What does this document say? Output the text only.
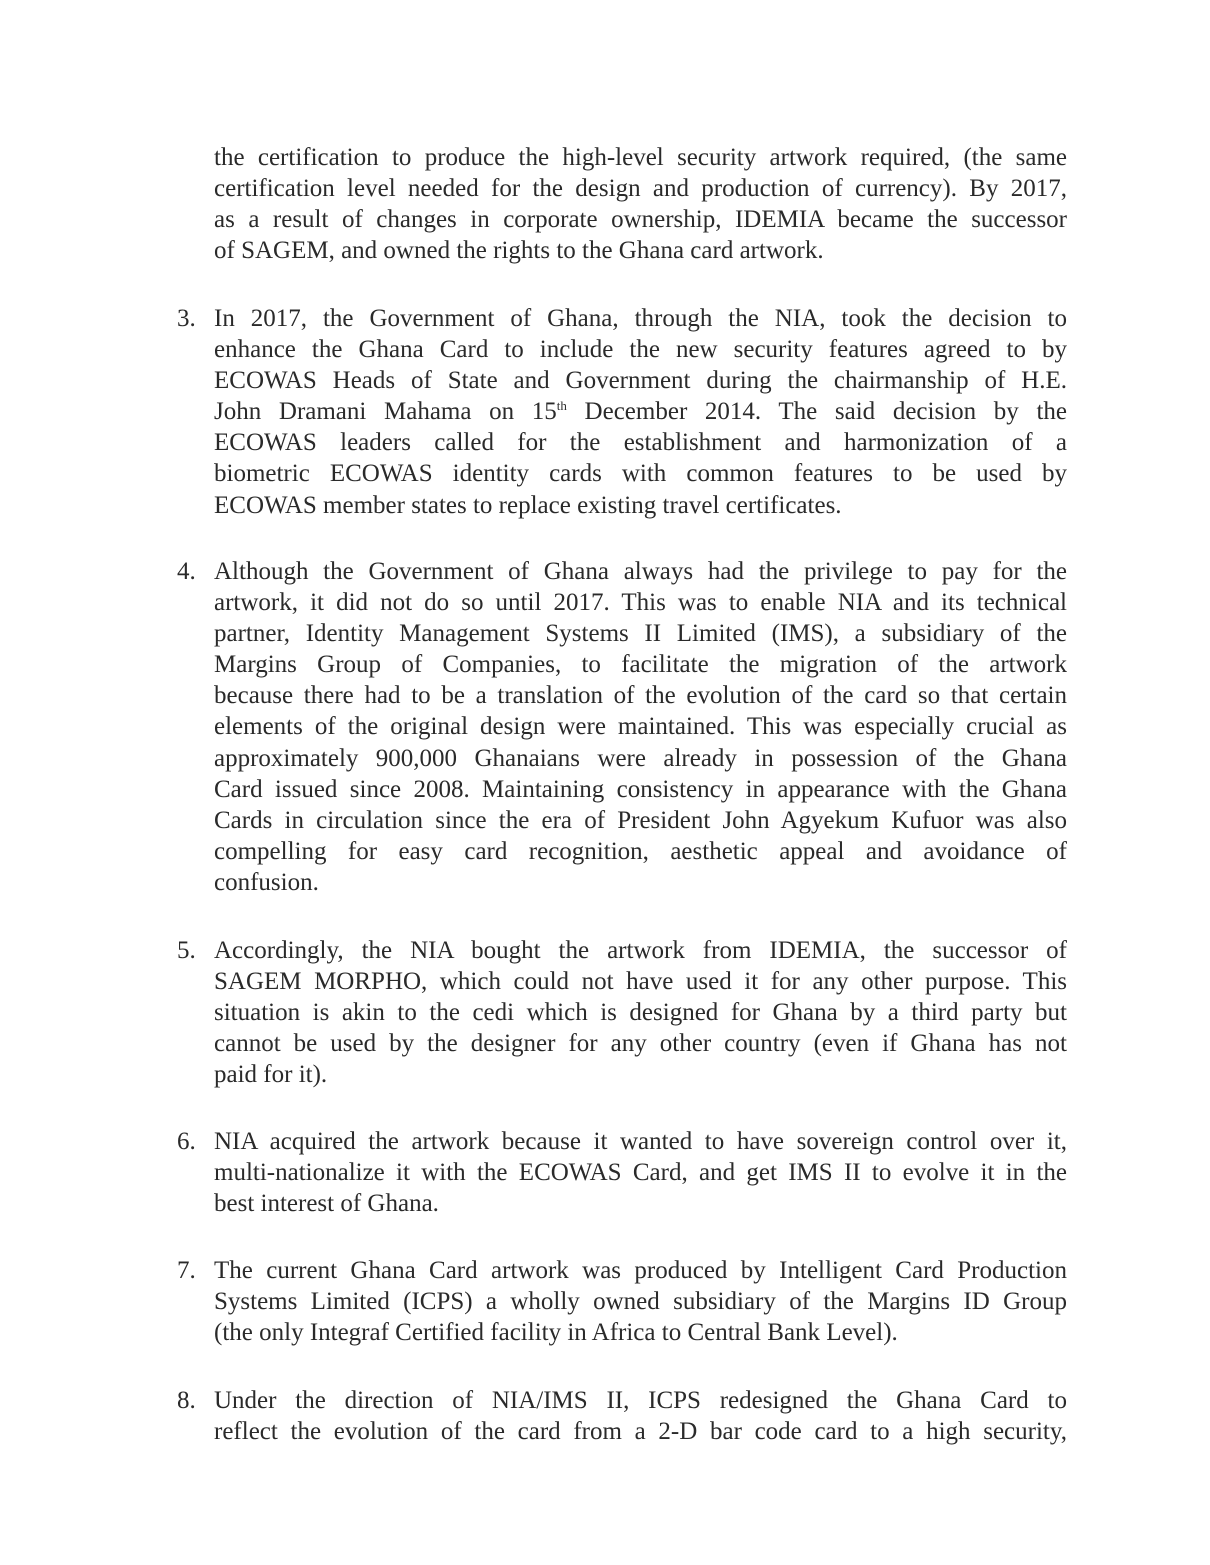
the certification to produce the high-level security artwork required, (the same
certification level needed for the design and production of currency). By 2017,
as a result of changes in corporate ownership, IDEMIA became the successor
of SAGEM, and owned the rights to the Ghana card artwork.
3. In 2017, the Government of Ghana, through the NIA, took the decision to
enhance the Ghana Card to include the new security features agreed to by
ECOWAS Heads of State and Government during the chairmanship of H.E.
John Dramani Mahama on 15th December 2014. The said decision by the
ECOWAS leaders called for the establishment and harmonization of a
biometric ECOWAS identity cards with common features to be used by
ECOWAS member states to replace existing travel certificates.
4. Although the Government of Ghana always had the privilege to pay for the
artwork, it did not do so until 2017. This was to enable NIA and its technical
partner, Identity Management Systems II Limited (IMS), a subsidiary of the
Margins Group of Companies, to facilitate the migration of the artwork
because there had to be a translation of the evolution of the card so that certain
elements of the original design were maintained. This was especially crucial as
approximately 900,000 Ghanaians were already in possession of the Ghana
Card issued since 2008. Maintaining consistency in appearance with the Ghana
Cards in circulation since the era of President John Agyekum Kufuor was also
compelling for easy card recognition, aesthetic appeal and avoidance of
confusion.
5. Accordingly, the NIA bought the artwork from IDEMIA, the successor of
SAGEM MORPHO, which could not have used it for any other purpose. This
situation is akin to the cedi which is designed for Ghana by a third party but
cannot be used by the designer for any other country (even if Ghana has not
paid for it).
6. NIA acquired the artwork because it wanted to have sovereign control over it,
multi-nationalize it with the ECOWAS Card, and get IMS II to evolve it in the
best interest of Ghana.
7. The current Ghana Card artwork was produced by Intelligent Card Production
Systems Limited (ICPS) a wholly owned subsidiary of the Margins ID Group
(the only Integraf Certified facility in Africa to Central Bank Level).
8. Under the direction of NIA/IMS II, ICPS redesigned the Ghana Card to
reflect the evolution of the card from a 2-D bar code card to a high security,
